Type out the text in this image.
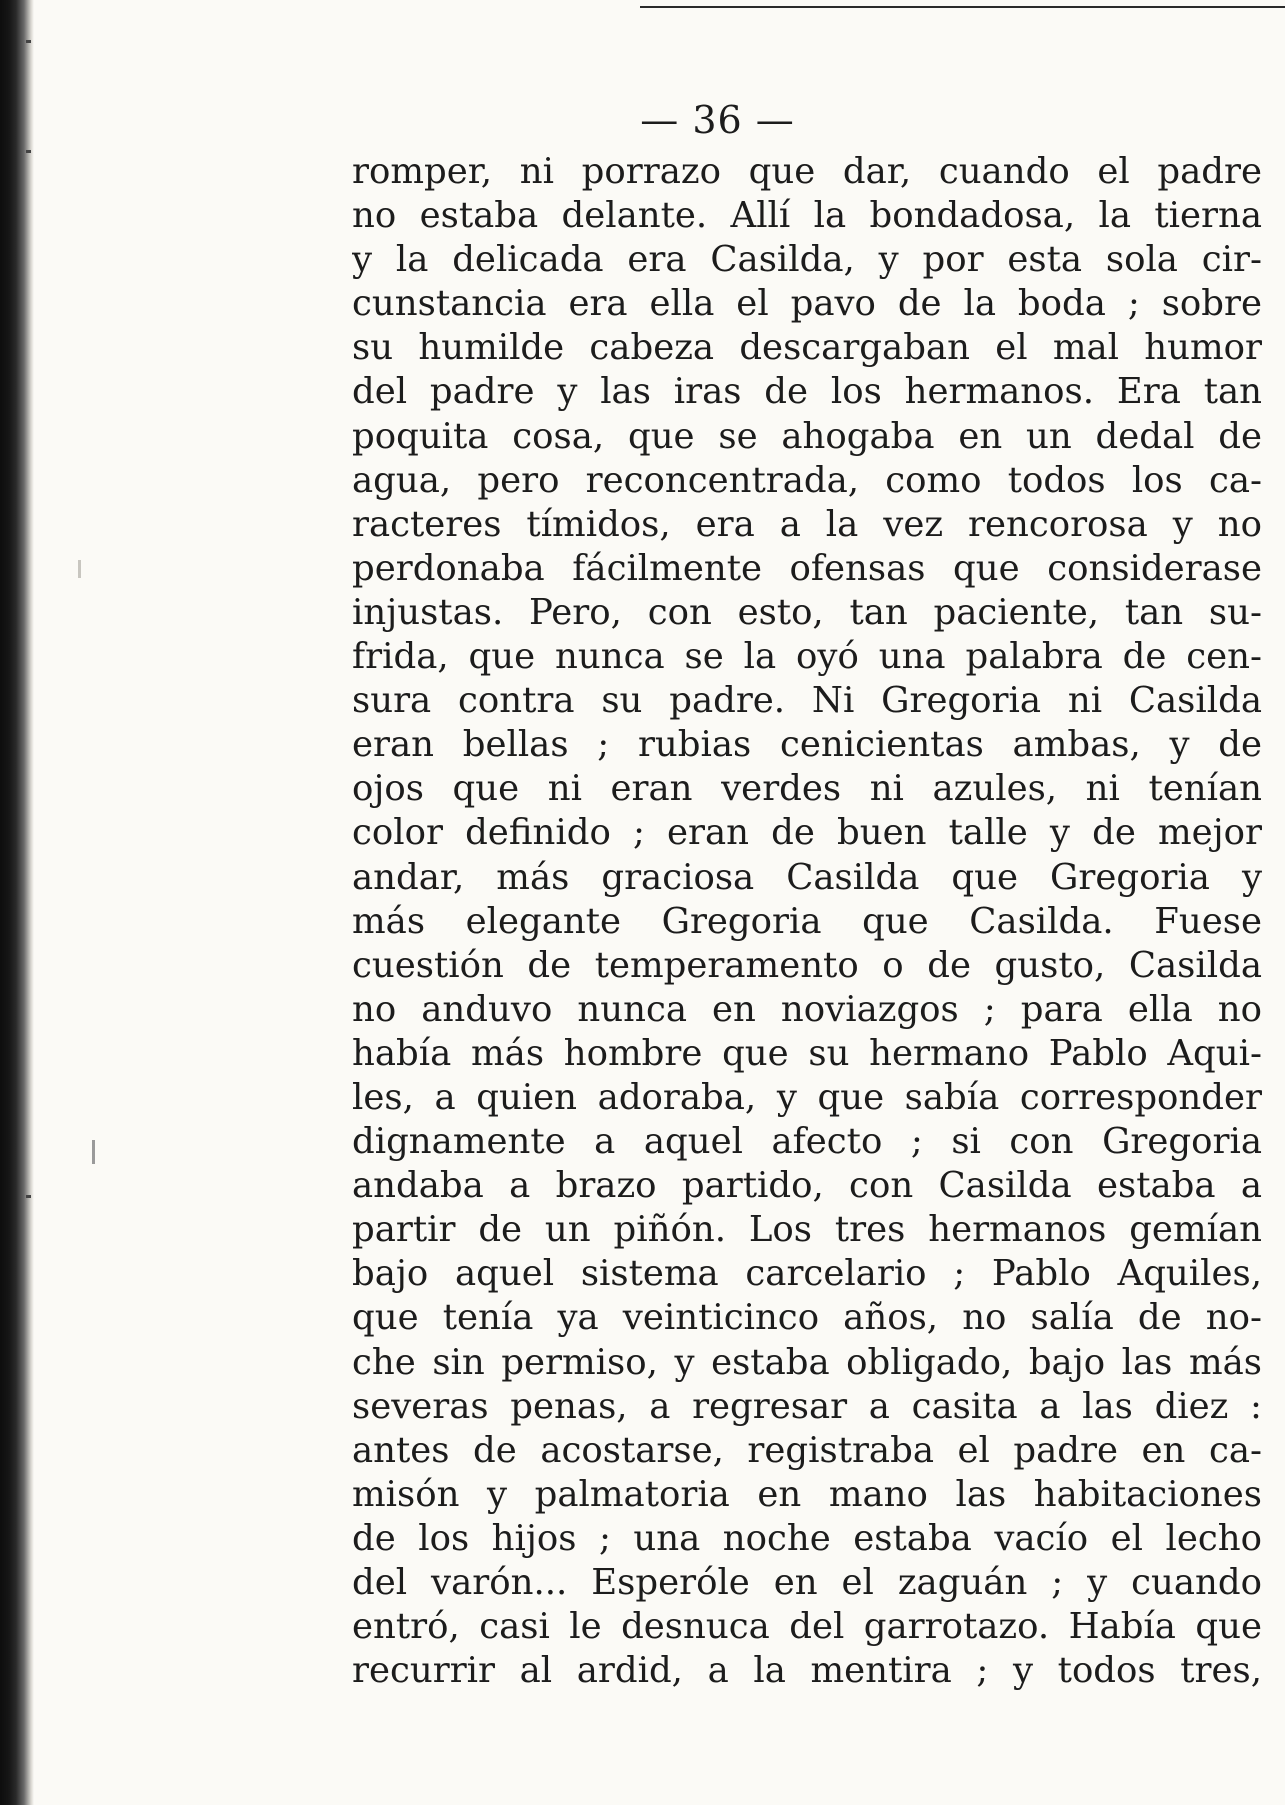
— 36 —
romper, ni porrazo que dar, cuando el padre
no estaba delante. Allí la bondadosa, la tierna
y la delicada era Casilda, y por esta sola cir-
cunstancia era ella el pavo de la boda ; sobre
su humilde cabeza descargaban el mal humor
del padre y las iras de los hermanos. Era tan
poquita cosa, que se ahogaba en un dedal de
agua, pero reconcentrada, como todos los ca-
racteres tímidos, era a la vez rencorosa y no
perdonaba fácilmente ofensas que considerase
injustas. Pero, con esto, tan paciente, tan su-
frida, que nunca se la oyó una palabra de cen-
sura contra su padre. Ni Gregoria ni Casilda
eran bellas ; rubias cenicientas ambas, y de
ojos que ni eran verdes ni azules, ni tenían
color definido ; eran de buen talle y de mejor
andar, más graciosa Casilda que Gregoria y
más elegante Gregoria que Casilda. Fuese
cuestión de temperamento o de gusto, Casilda
no anduvo nunca en noviazgos ; para ella no
había más hombre que su hermano Pablo Aqui-
les, a quien adoraba, y que sabía corresponder
dignamente a aquel afecto ; si con Gregoria
andaba a brazo partido, con Casilda estaba a
partir de un piñón. Los tres hermanos gemían
bajo aquel sistema carcelario ; Pablo Aquiles,
que tenía ya veinticinco años, no salía de no-
che sin permiso, y estaba obligado, bajo las más
severas penas, a regresar a casita a las diez :
antes de acostarse, registraba el padre en ca-
misón y palmatoria en mano las habitaciones
de los hijos ; una noche estaba vacío el lecho
del varón... Esperóle en el zaguán ; y cuando
entró, casi le desnuca del garrotazo. Había que
recurrir al ardid, a la mentira ; y todos tres,
